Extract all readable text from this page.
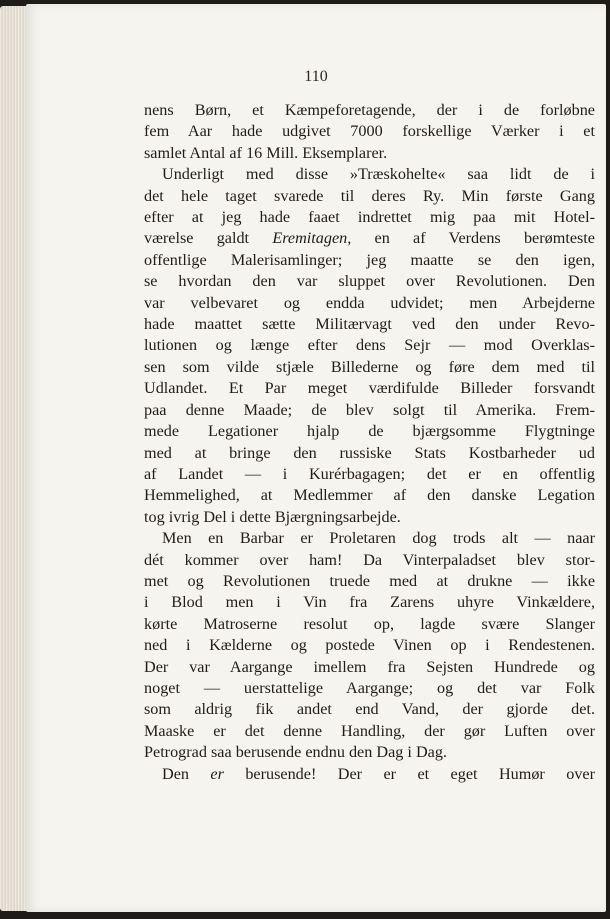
110
nens Børn, et Kæmpeforetagende, der i de forløbne
fem Aar hade udgivet 7000 forskellige Værker i et
samlet Antal af 16 Mill. Eksemplarer.
Underligt med disse »Træskohelte« saa lidt de i
det hele taget svarede til deres Ry. Min første Gang
efter at jeg hade faaet indrettet mig paa mit Hotel-
værelse galdt Eremitagen, en af Verdens berømteste
offentlige Malerisamlinger; jeg maatte se den igen,
se hvordan den var sluppet over Revolutionen. Den
var velbevaret og endda udvidet; men Arbejderne
hade maattet sætte Militærvagt ved den under Revo-
lutionen og længe efter dens Sejr — mod Overklas-
sen som vilde stjæle Billederne og føre dem med til
Udlandet. Et Par meget værdifulde Billeder forsvandt
paa denne Maade; de blev solgt til Amerika. Frem-
mede Legationer hjalp de bjærgsomme Flygtninge
med at bringe den russiske Stats Kostbarheder ud
af Landet — i Kurérbagagen; det er en offentlig
Hemmelighed, at Medlemmer af den danske Legation
tog ivrig Del i dette Bjærgningsarbejde.
Men en Barbar er Proletaren dog trods alt — naar
dét kommer over ham! Da Vinterpaladset blev stor-
met og Revolutionen truede med at drukne — ikke
i Blod men i Vin fra Zarens uhyre Vinkældere,
kørte Matroserne resolut op, lagde svære Slanger
ned i Kælderne og postede Vinen op i Rendestenen.
Der var Aargange imellem fra Sejsten Hundrede og
noget — uerstattelige Aargange; og det var Folk
som aldrig fik andet end Vand, der gjorde det.
Maaske er det denne Handling, der gør Luften over
Petrograd saa berusende endnu den Dag i Dag.
Den er berusende! Der er et eget Humør over
